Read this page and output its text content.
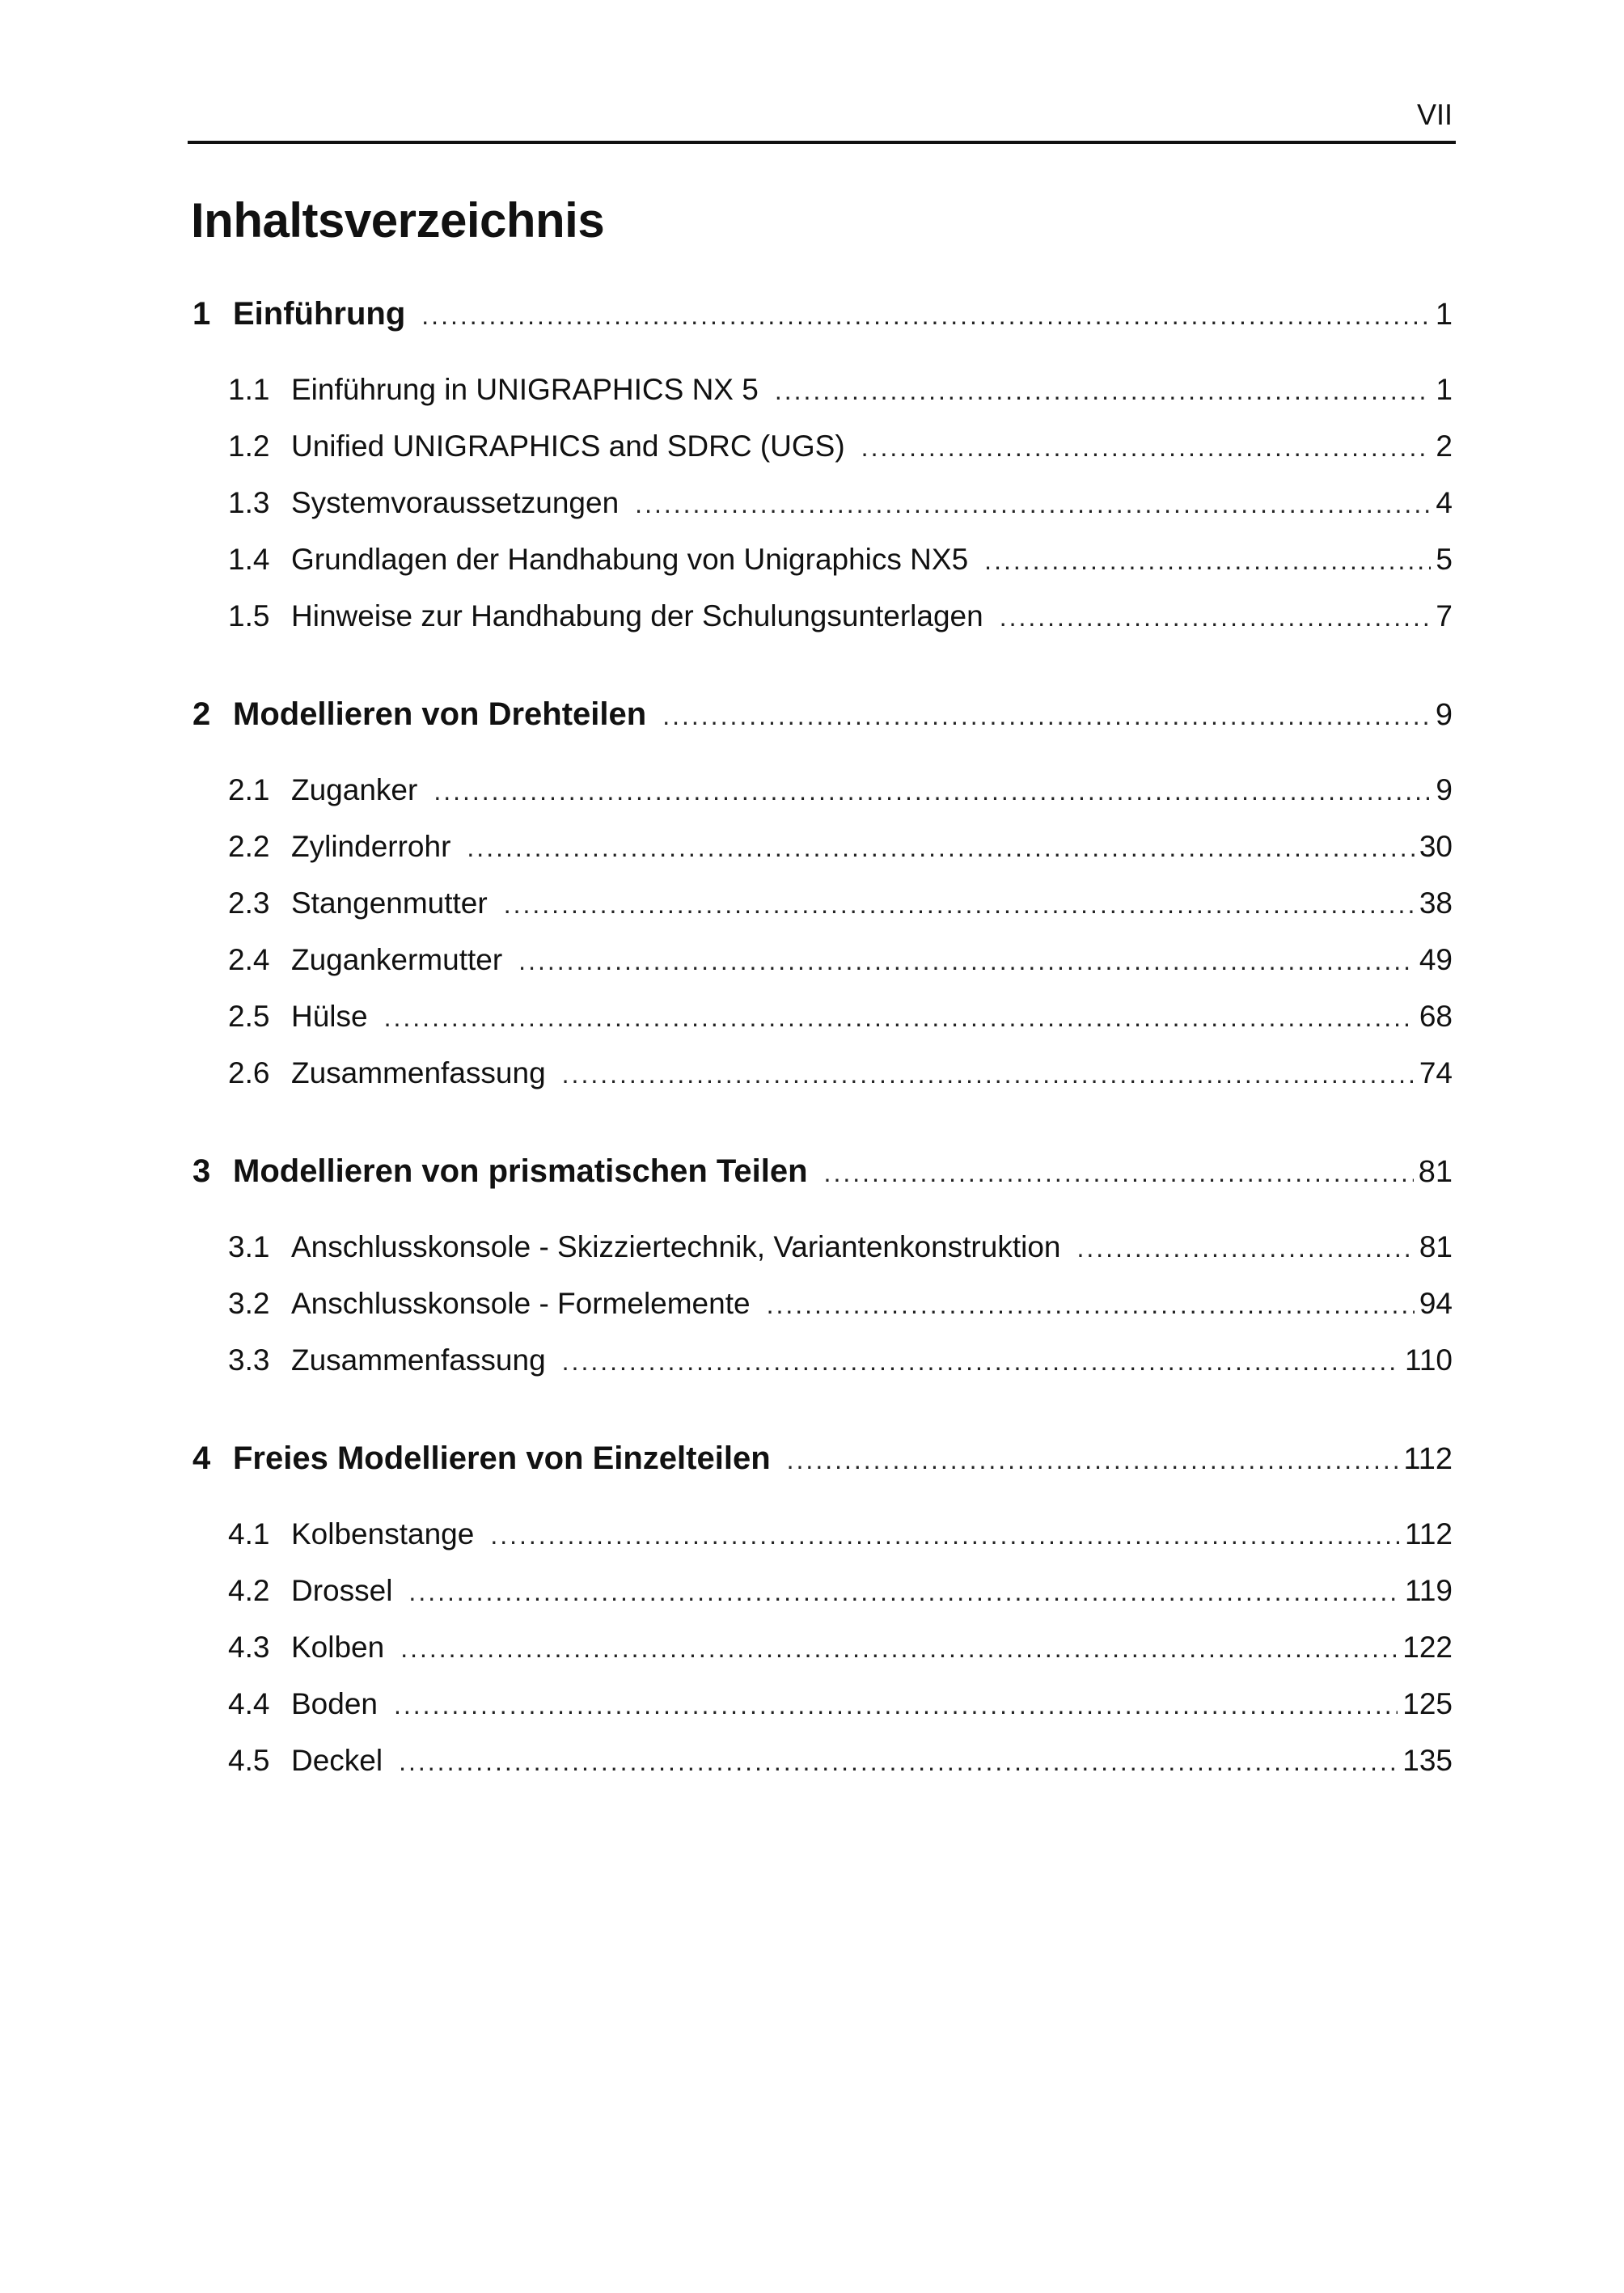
VII
Inhaltsverzeichnis
1 Einführung .....	1
1.1 Einführung in UNIGRAPHICS NX 5 .....	1
1.2 Unified UNIGRAPHICS and SDRC (UGS) .....	2
1.3 Systemvoraussetzungen .....	4
1.4 Grundlagen der Handhabung von Unigraphics NX5 .....	5
1.5 Hinweise zur Handhabung der Schulungsunterlagen .....	7
2 Modellieren von Drehteilen .....	9
2.1 Zuganker .....	9
2.2 Zylinderrohr .....	30
2.3 Stangenmutter .....	38
2.4 Zugankermutter .....	49
2.5 Hülse .....	68
2.6 Zusammenfassung .....	74
3 Modellieren von prismatischen Teilen .....	81
3.1 Anschlusskonsole - Skizziertechnik, Variantenkonstruktion .....	81
3.2 Anschlusskonsole - Formelemente .....	94
3.3 Zusammenfassung .....	110
4 Freies Modellieren von Einzelteilen .....	112
4.1 Kolbenstange .....	112
4.2 Drossel .....	119
4.3 Kolben .....	122
4.4 Boden .....	125
4.5 Deckel .....	135
